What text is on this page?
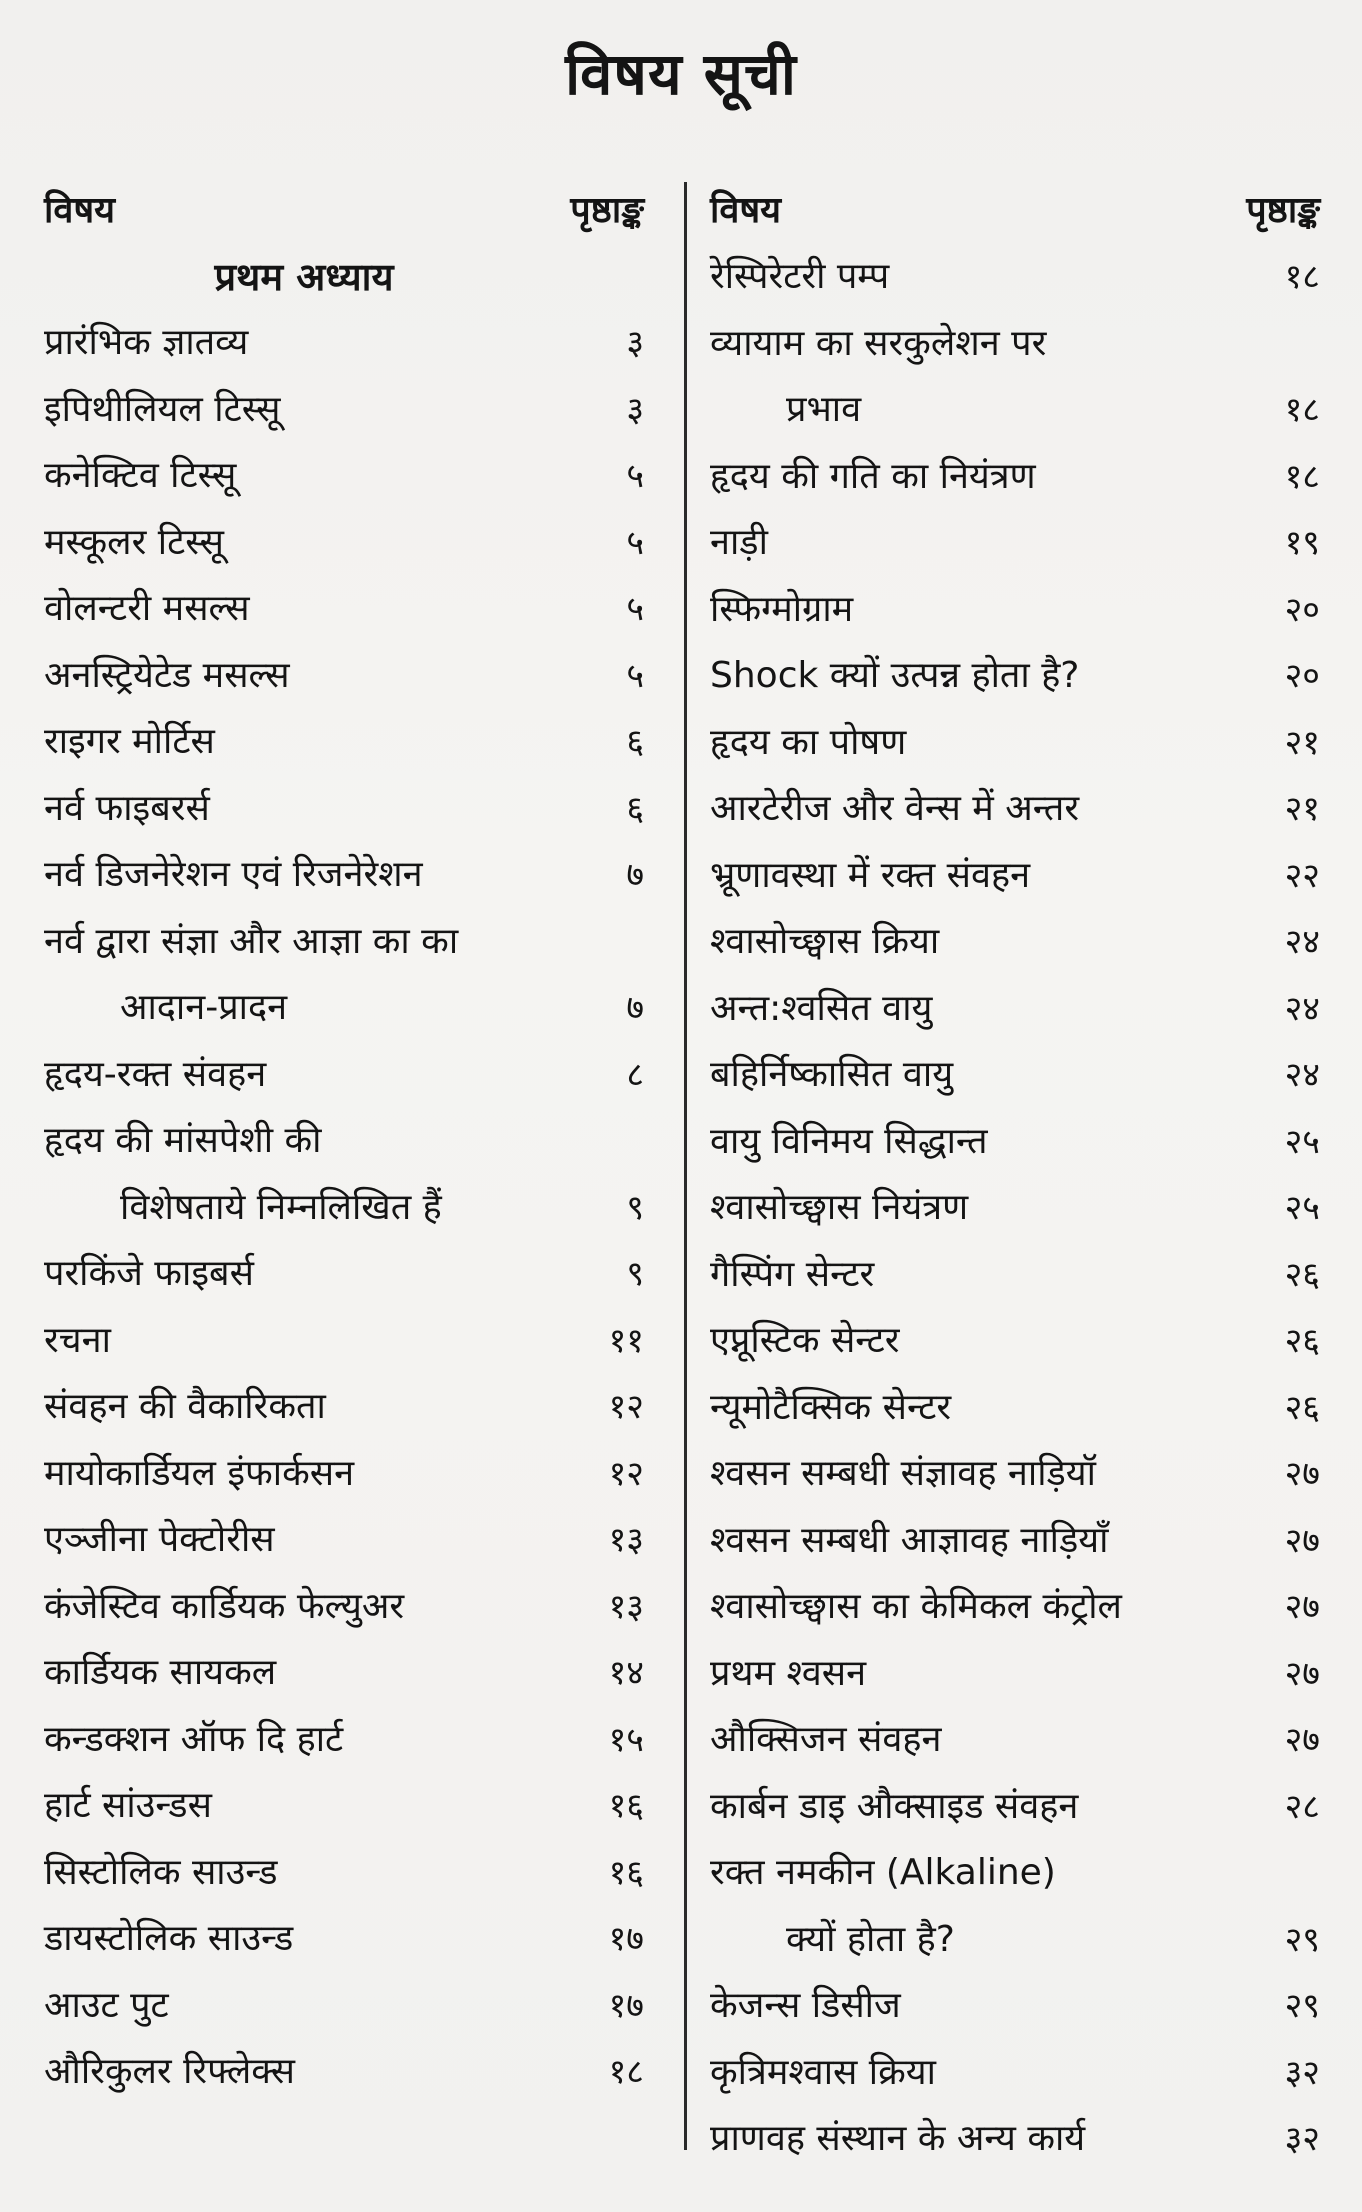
विषय सूची
विषय	पृष्ठाङ्क
प्रथम अध्याय
प्रारंभिक ज्ञातव्य	३
इपिथीलियल टिस्सू	३
कनेक्टिव टिस्सू	५
मस्कूलर टिस्सू	५
वोलन्टरी मसल्स	५
अनस्ट्रियेटेड मसल्स	५
राइगर मोर्टिस	६
नर्व फाइबरर्स	६
नर्व डिजनेरेशन एवं रिजनेरेशन	७
नर्व द्वारा संज्ञा और आज्ञा का का
आदान-प्रादन	७
हृदय-रक्त संवहन	८
हृदय की मांसपेशी की
विशेषताये निम्नलिखित हैं	९
परकिंजे फाइबर्स	९
रचना	११
संवहन की वैकारिकता	१२
मायोकार्डियल इंफार्कसन	१२
एञ्जीना पेक्टोरीस	१३
कंजेस्टिव कार्डियक फेल्युअर	१३
कार्डियक सायकल	१४
कन्डक्शन ऑफ दि हार्ट	१५
हार्ट सांउन्डस	१६
सिस्टोलिक साउन्ड	१६
डायस्टोलिक साउन्ड	१७
आउट पुट	१७
औरिकुलर रिफ्लेक्स	१८
विषय	पृष्ठाङ्क
रेस्पिरेटरी पम्प	१८
व्यायाम का सरकुलेशन पर
प्रभाव	१८
हृदय की गति का नियंत्रण	१८
नाड़ी	१९
स्फिग्मोग्राम	२०
Shock क्यों उत्पन्न होता है?	२०
हृदय का पोषण	२१
आरटेरीज और वेन्स में अन्तर	२१
भ्रूणावस्था में रक्त संवहन	२२
श्वासोच्छ्वास क्रिया	२४
अन्त:श्वसित वायु	२४
बहिर्निष्कासित वायु	२४
वायु विनिमय सिद्धान्त	२५
श्वासोच्छ्वास नियंत्रण	२५
गैस्पिंग सेन्टर	२६
एप्नूस्टिक सेन्टर	२६
न्यूमोटैक्सिक सेन्टर	२६
श्वसन सम्बधी संज्ञावह नाड़ियॉ	२७
श्वसन सम्बधी आज्ञावह नाड़ियाँ	२७
श्वासोच्छ्वास का केमिकल कंट्रोल	२७
प्रथम श्वसन	२७
औक्सिजन संवहन	२७
कार्बन डाइ औक्साइड संवहन	२८
रक्त नमकीन (Alkaline)
क्यों होता है?	२९
केजन्स डिसीज	२९
कृत्रिमश्वास क्रिया	३२
प्राणवह संस्थान के अन्य कार्य	३२
